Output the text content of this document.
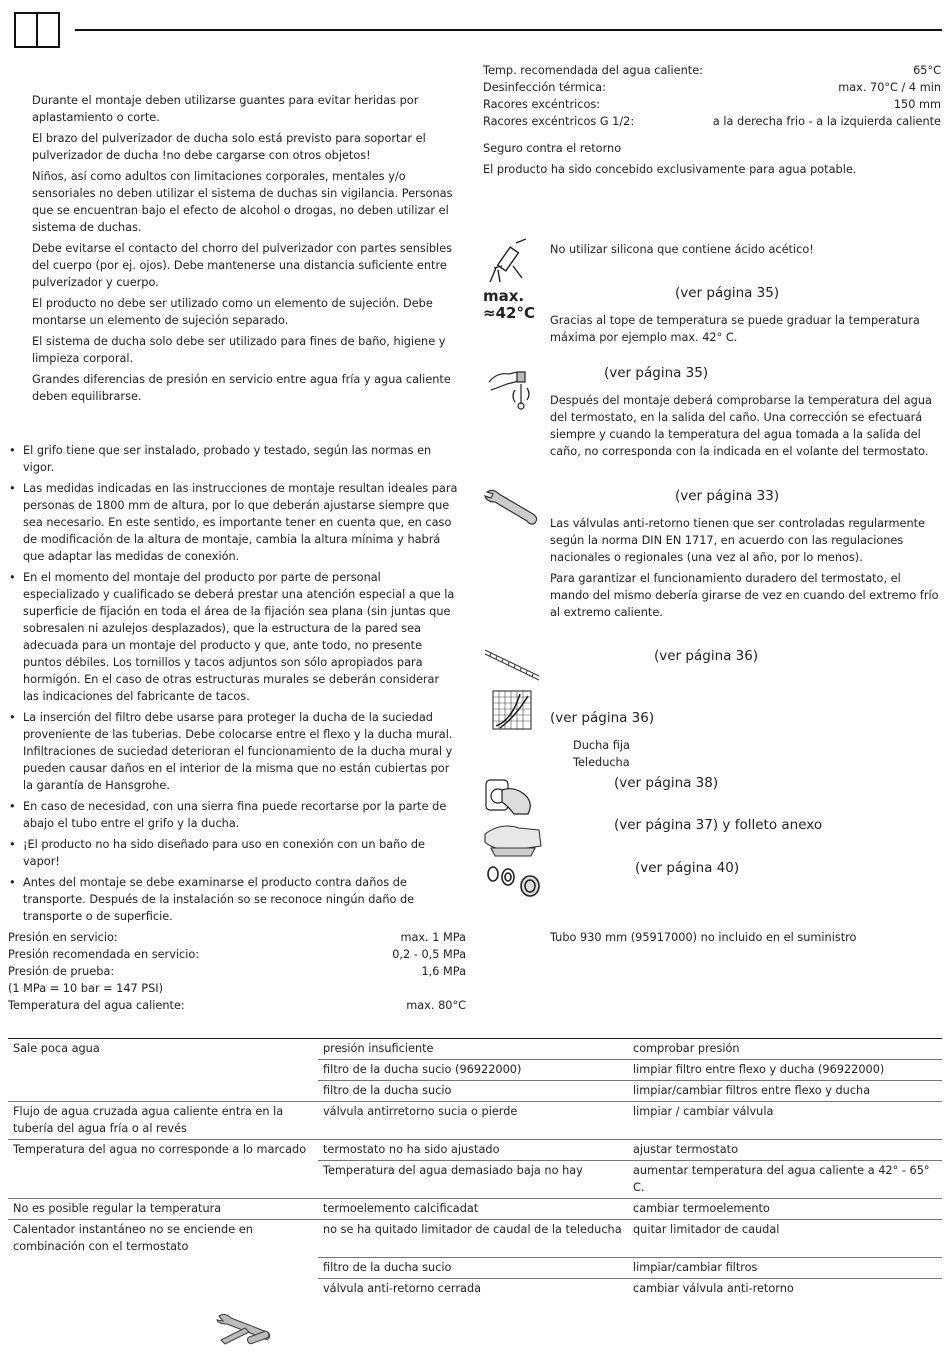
Durante el montaje deben utilizarse guantes para evitar heridas por aplastamiento o corte.

El brazo del pulverizador de ducha solo está previsto para soportar el pulverizador de ducha !no debe cargarse con otros objetos!

Niños, así como adultos con limitaciones corporales, mentales y/o sensoriales no deben utilizar el sistema de duchas sin vigilancia. Personas que se encuentran bajo el efecto de alcohol o drogas, no deben utilizar el sistema de duchas.

Debe evitarse el contacto del chorro del pulverizador con partes sensibles del cuerpo (por ej. ojos). Debe mantenerse una distancia suficiente entre pulverizador y cuerpo.

El producto no debe ser utilizado como un elemento de sujeción. Debe montarse un elemento de sujeción separado.

El sistema de ducha solo debe ser utilizado para fines de baño, higiene y limpieza corporal.

Grandes diferencias de presión en servicio entre agua fría y agua caliente deben equilibrarse.

• El grifo tiene que ser instalado, probado y testado, según las normas en vigor.
• Las medidas indicadas en las instrucciones de montaje resultan ideales para personas de 1800 mm de altura, por lo que deberán ajustarse siempre que sea necesario. En este sentido, es importante tener en cuenta que, en caso de modificación de la altura de montaje, cambia la altura mínima y habrá que adaptar las medidas de conexión.
• En el momento del montaje del producto por parte de personal especializado y cualificado se deberá prestar una atención especial a que la superficie de fijación en toda el área de la fijación sea plana (sin juntas que sobresalen ni azulejos desplazados), que la estructura de la pared sea adecuada para un montaje del producto y que, ante todo, no presente puntos débiles. Los tornillos y tacos adjuntos son sólo apropiados para hormigón. En el caso de otras estructuras murales se deberán considerar las indicaciones del fabricante de tacos.
• La inserción del filtro debe usarse para proteger la ducha de la suciedad proveniente de las tuberias. Debe colocarse entre el flexo y la ducha mural. Infiltraciones de suciedad deterioran el funcionamiento de la ducha mural y pueden causar daños en el interior de la misma que no están cubiertas por la garantía de Hansgrohe.
• En caso de necesidad, con una sierra fina puede recortarse por la parte de abajo el tubo entre el grifo y la ducha.
• ¡El producto no ha sido diseñado para uso en conexión con un baño de vapor!
• Antes del montaje se debe examinarse el producto contra daños de transporte. Después de la instalación so se reconoce ningún daño de transporte o de superficie.
Presión en servicio:	max. 1 MPa
Presión recomendada en servicio:	0,2 - 0,5 MPa
Presión de prueba:	1,6 MPa
(1 MPa = 10 bar = 147 PSI)
Temperatura del agua caliente:	max. 80°C
Temp. recomendada del agua caliente:	65°C
Desinfección térmica:	max. 70°C / 4 min
Racores excéntricos:	150 mm
Racores excéntricos G 1/2:	a la derecha frio - a la izquierda caliente
Seguro contra el retorno
El producto ha sido concebido exclusivamente para agua potable.
No utilizar silicona que contiene ácido acético!
max.
≈42°C
(ver página 35)
Gracias al tope de temperatura se puede graduar la temperatura máxima por ejemplo max. 42° C.
(ver página 35)
Después del montaje deberá comprobarse la temperatura del agua del termostato, en la salida del caño. Una corrección se efectuará siempre y cuando la temperatura del agua tomada a la salida del caño, no corresponda con la indicada en el volante del termostato.
(ver página 33)
Las válvulas anti-retorno tienen que ser controladas regularmente según la norma DIN EN 1717, en acuerdo con las regulaciones nacionales o regionales (una vez al año, por lo menos).
Para garantizar el funcionamiento duradero del termostato, el mando del mismo debería girarse de vez en cuando del extremo frío al extremo caliente.
(ver página 36)
(ver página 36)
Ducha fija
Teleducha
(ver página 38)
(ver página 37) y folleto anexo
(ver página 40)
Tubo 930 mm (95917000) no incluido en el suministro
Sale poca agua	presión insuficiente	comprobar presión
	filtro de la ducha sucio (96922000)	limpiar filtro entre flexo y ducha (96922000)
	filtro de la ducha sucio	limpiar/cambiar filtros entre flexo y ducha
Flujo de agua cruzada agua caliente entra en la tubería del agua fría o al revés	válvula antirretorno sucia o pierde	limpiar / cambiar válvula
Temperatura del agua no corresponde a lo marcado	termostato no ha sido ajustado	ajustar termostato
	Temperatura del agua demasiado baja no hay	aumentar temperatura del agua caliente a 42° - 65° C.
No es posible regular la temperatura	termoelemento calcificadat	cambiar termoelemento
Calentador instantáneo no se enciende en combinación con el termostato	no se ha quitado limitador de caudal de la teleducha	quitar limitador de caudal
	filtro de la ducha sucio	limpiar/cambiar filtros
	válvula anti-retorno cerrada	cambiar válvula anti-retorno
